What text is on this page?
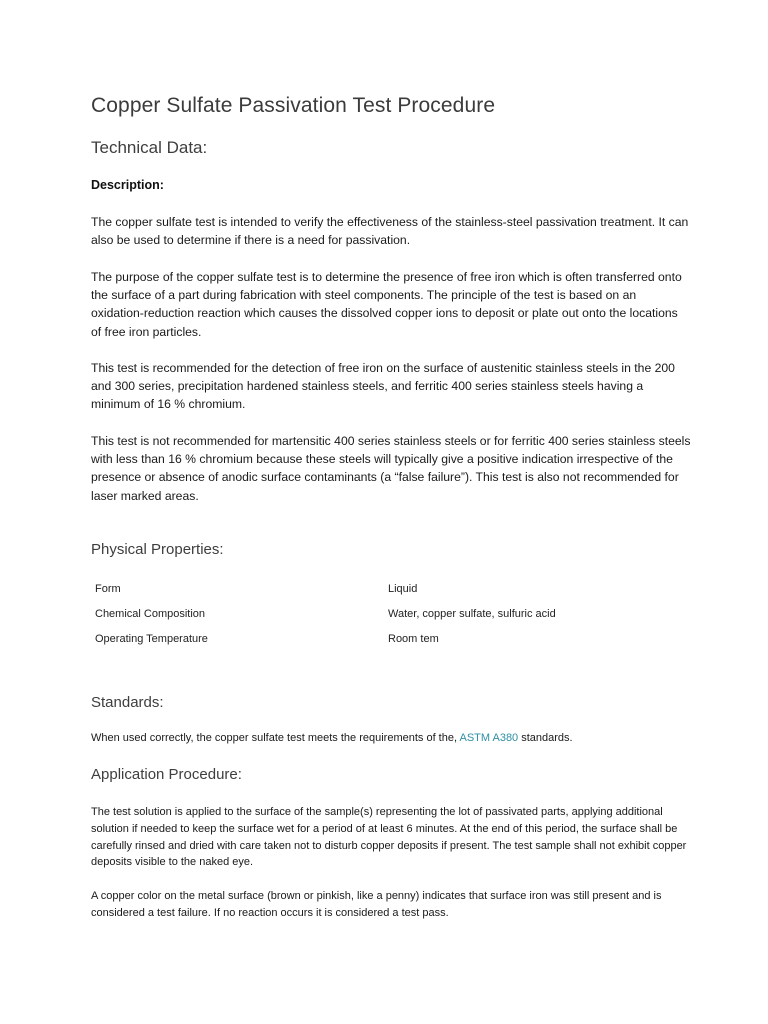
Copper Sulfate Passivation Test Procedure
Technical Data:
Description:
The copper sulfate test is intended to verify the effectiveness of the stainless-steel passivation treatment. It can also be used to determine if there is a need for passivation.
The purpose of the copper sulfate test is to determine the presence of free iron which is often transferred onto the surface of a part during fabrication with steel components. The principle of the test is based on an oxidation-reduction reaction which causes the dissolved copper ions to deposit or plate out onto the locations of free iron particles.
This test is recommended for the detection of free iron on the surface of austenitic stainless steels in the 200 and 300 series, precipitation hardened stainless steels, and ferritic 400 series stainless steels having a minimum of 16 % chromium.
This test is not recommended for martensitic 400 series stainless steels or for ferritic 400 series stainless steels with less than 16 % chromium because these steels will typically give a positive indication irrespective of the presence or absence of anodic surface contaminants (a “false failure”). This test is also not recommended for laser marked areas.
Physical Properties:
Form	Liquid
Chemical Composition	Water, copper sulfate, sulfuric acid
Operating Temperature	Room tem
Standards:
When used correctly, the copper sulfate test meets the requirements of the, ASTM A380 standards.
Application Procedure:
The test solution is applied to the surface of the sample(s) representing the lot of passivated parts, applying additional solution if needed to keep the surface wet for a period of at least 6 minutes. At the end of this period, the surface shall be carefully rinsed and dried with care taken not to disturb copper deposits if present. The test sample shall not exhibit copper deposits visible to the naked eye.
A copper color on the metal surface (brown or pinkish, like a penny) indicates that surface iron was still present and is considered a test failure. If no reaction occurs it is considered a test pass.
